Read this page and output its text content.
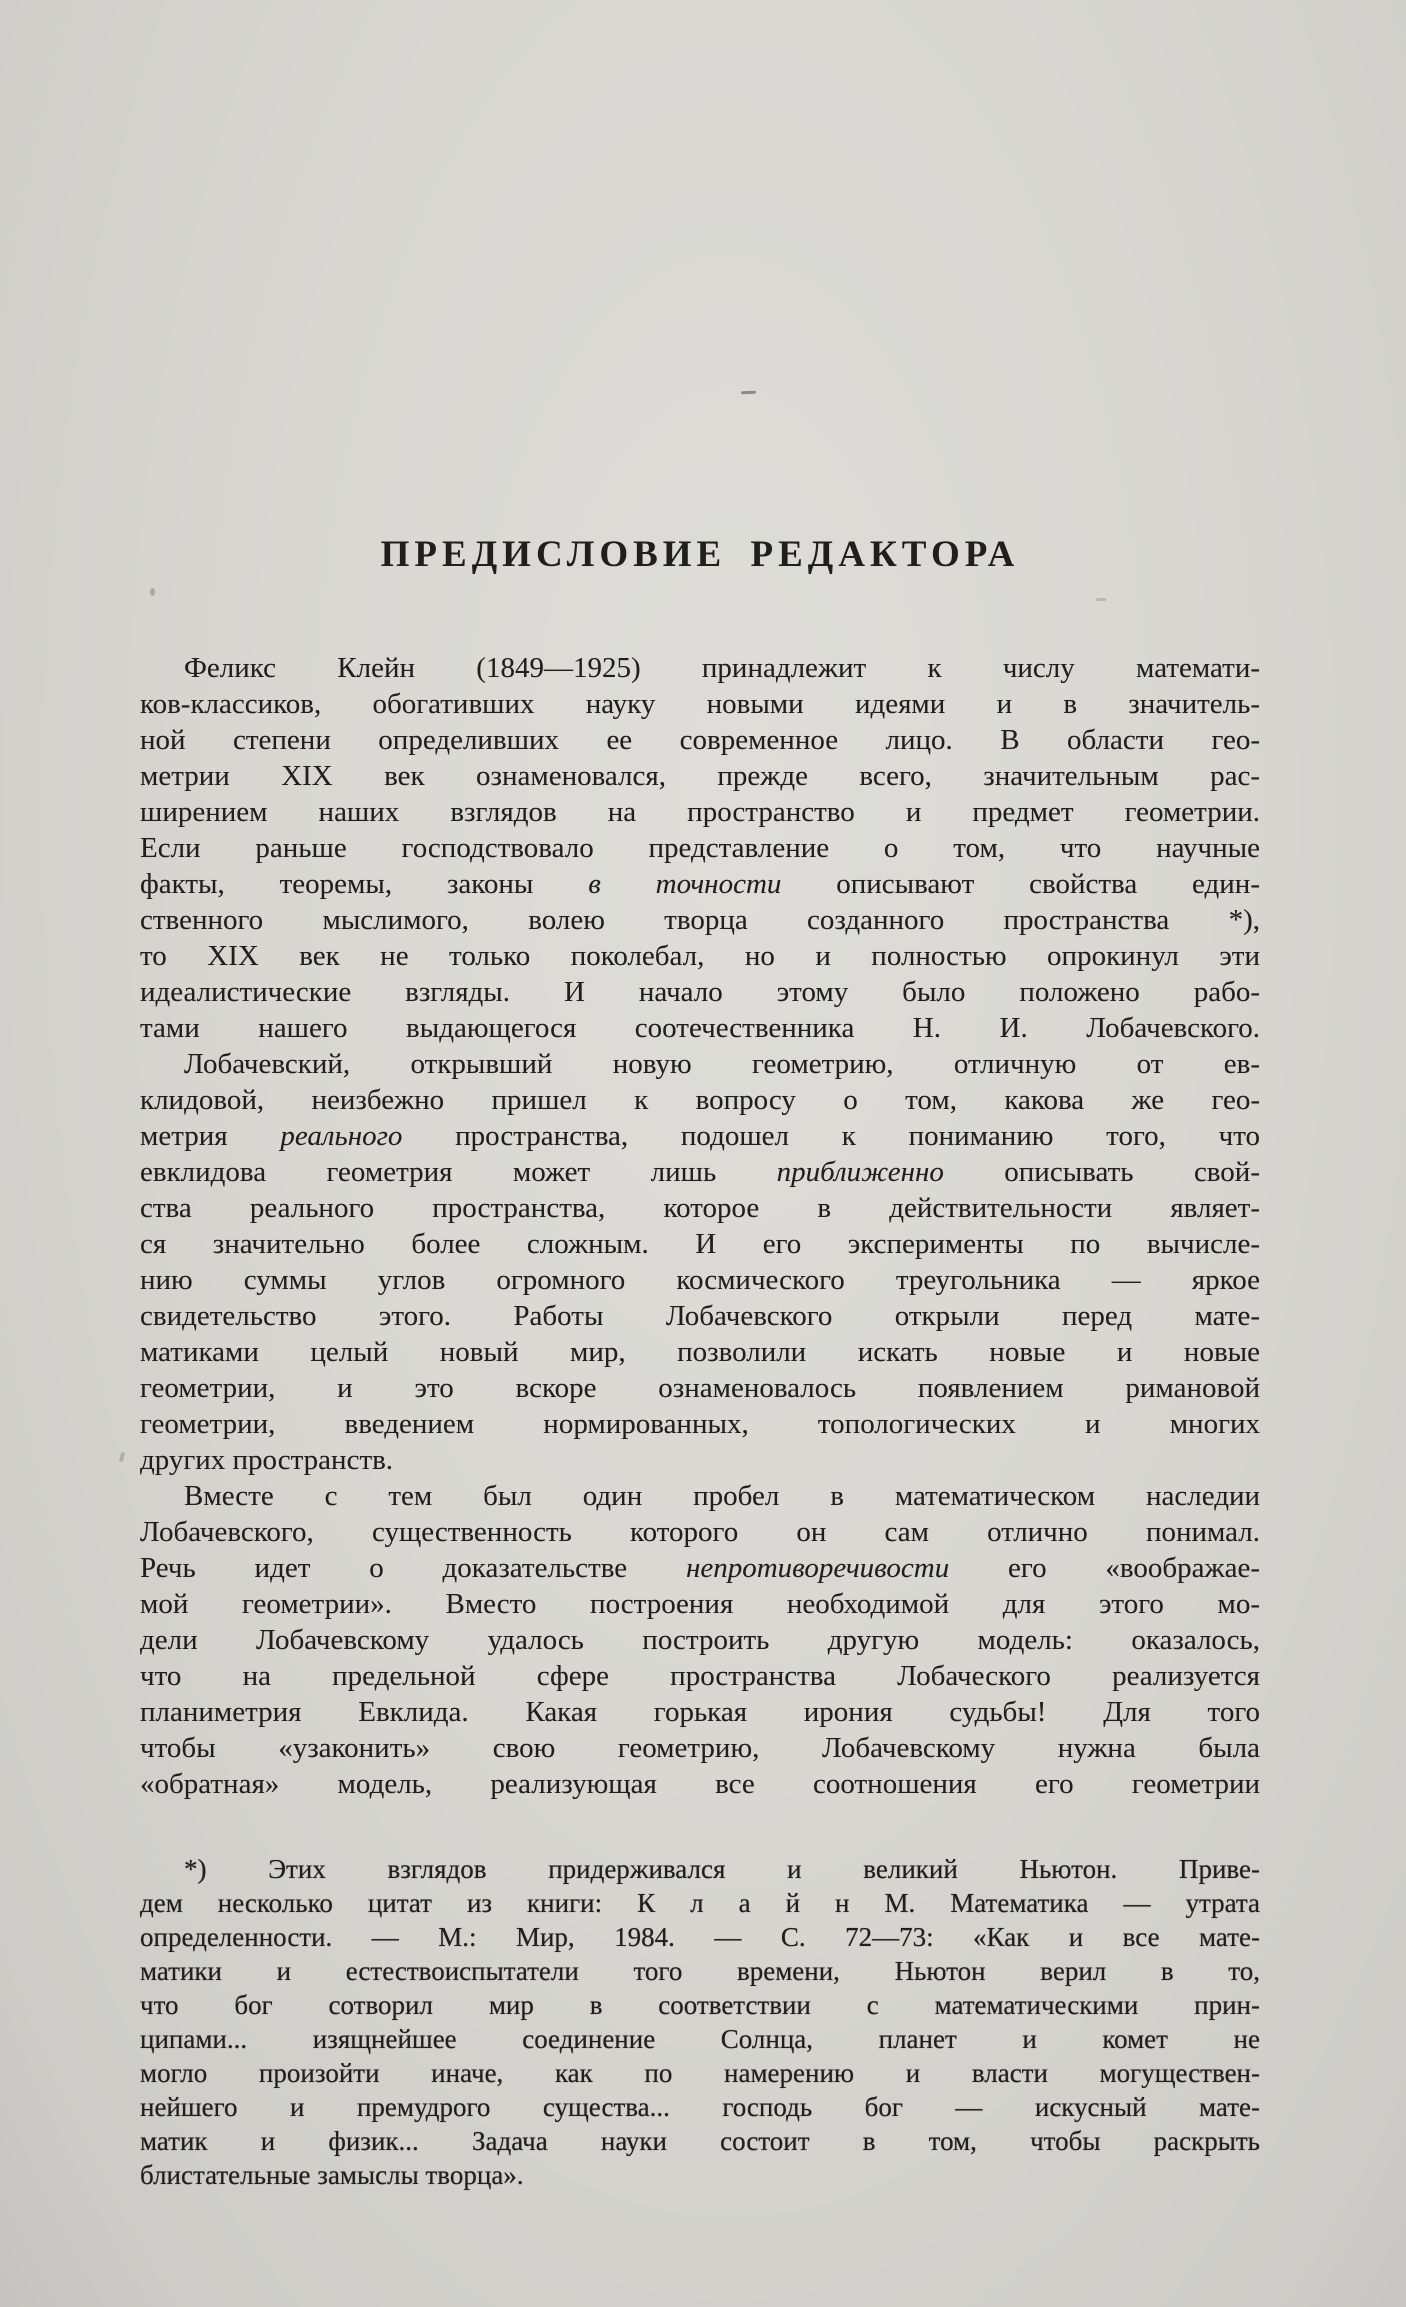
ПРЕДИСЛОВИЕ РЕДАКТОРА
Феликс Клейн (1849—1925) принадлежит к числу математи-
ков-классиков, обогативших науку новыми идеями и в значитель-
ной степени определивших ее современное лицо. В области гео-
метрии XIX век ознаменовался, прежде всего, значительным рас-
ширением наших взглядов на пространство и предмет геометрии.
Если раньше господствовало представление о том, что научные
факты, теоремы, законы в точности описывают свойства един-
ственного мыслимого, волею творца созданного пространства *),
то XIX век не только поколебал, но и полностью опрокинул эти
идеалистические взгляды. И начало этому было положено рабо-
тами нашего выдающегося соотечественника Н. И. Лобачевского.
Лобачевский, открывший новую геометрию, отличную от ев-
клидовой, неизбежно пришел к вопросу о том, какова же гео-
метрия реального пространства, подошел к пониманию того, что
евклидова геометрия может лишь приближенно описывать свой-
ства реального пространства, которое в действительности являет-
ся значительно более сложным. И его эксперименты по вычисле-
нию суммы углов огромного космического треугольника — яркое
свидетельство этого. Работы Лобачевского открыли перед мате-
матиками целый новый мир, позволили искать новые и новые
геометрии, и это вскоре ознаменовалось появлением римановой
геометрии, введением нормированных, топологических и многих
других пространств.
Вместе с тем был один пробел в математическом наследии
Лобачевского, существенность которого он сам отлично понимал.
Речь идет о доказательстве непротиворечивости его «воображае-
мой геометрии». Вместо построения необходимой для этого мо-
дели Лобачевскому удалось построить другую модель: оказалось,
что на предельной сфере пространства Лобаческого реализуется
планиметрия Евклида. Какая горькая ирония судьбы! Для того
чтобы «узаконить» свою геометрию, Лобачевскому нужна была
«обратная» модель, реализующая все соотношения его геометрии
*) Этих взглядов придерживался и великий Ньютон. Приве-
дем несколько цитат из книги: К л а й н М. Математика — утрата
определенности. — М.: Мир, 1984. — С. 72—73: «Как и все мате-
матики и естествоиспытатели того времени, Ньютон верил в то,
что бог сотворил мир в соответствии с математическими прин-
ципами... изящнейшее соединение Солнца, планет и комет не
могло произойти иначе, как по намерению и власти могуществен-
нейшего и премудрого существа... господь бог — искусный мате-
матик и физик... Задача науки состоит в том, чтобы раскрыть
блистательные замыслы творца».
